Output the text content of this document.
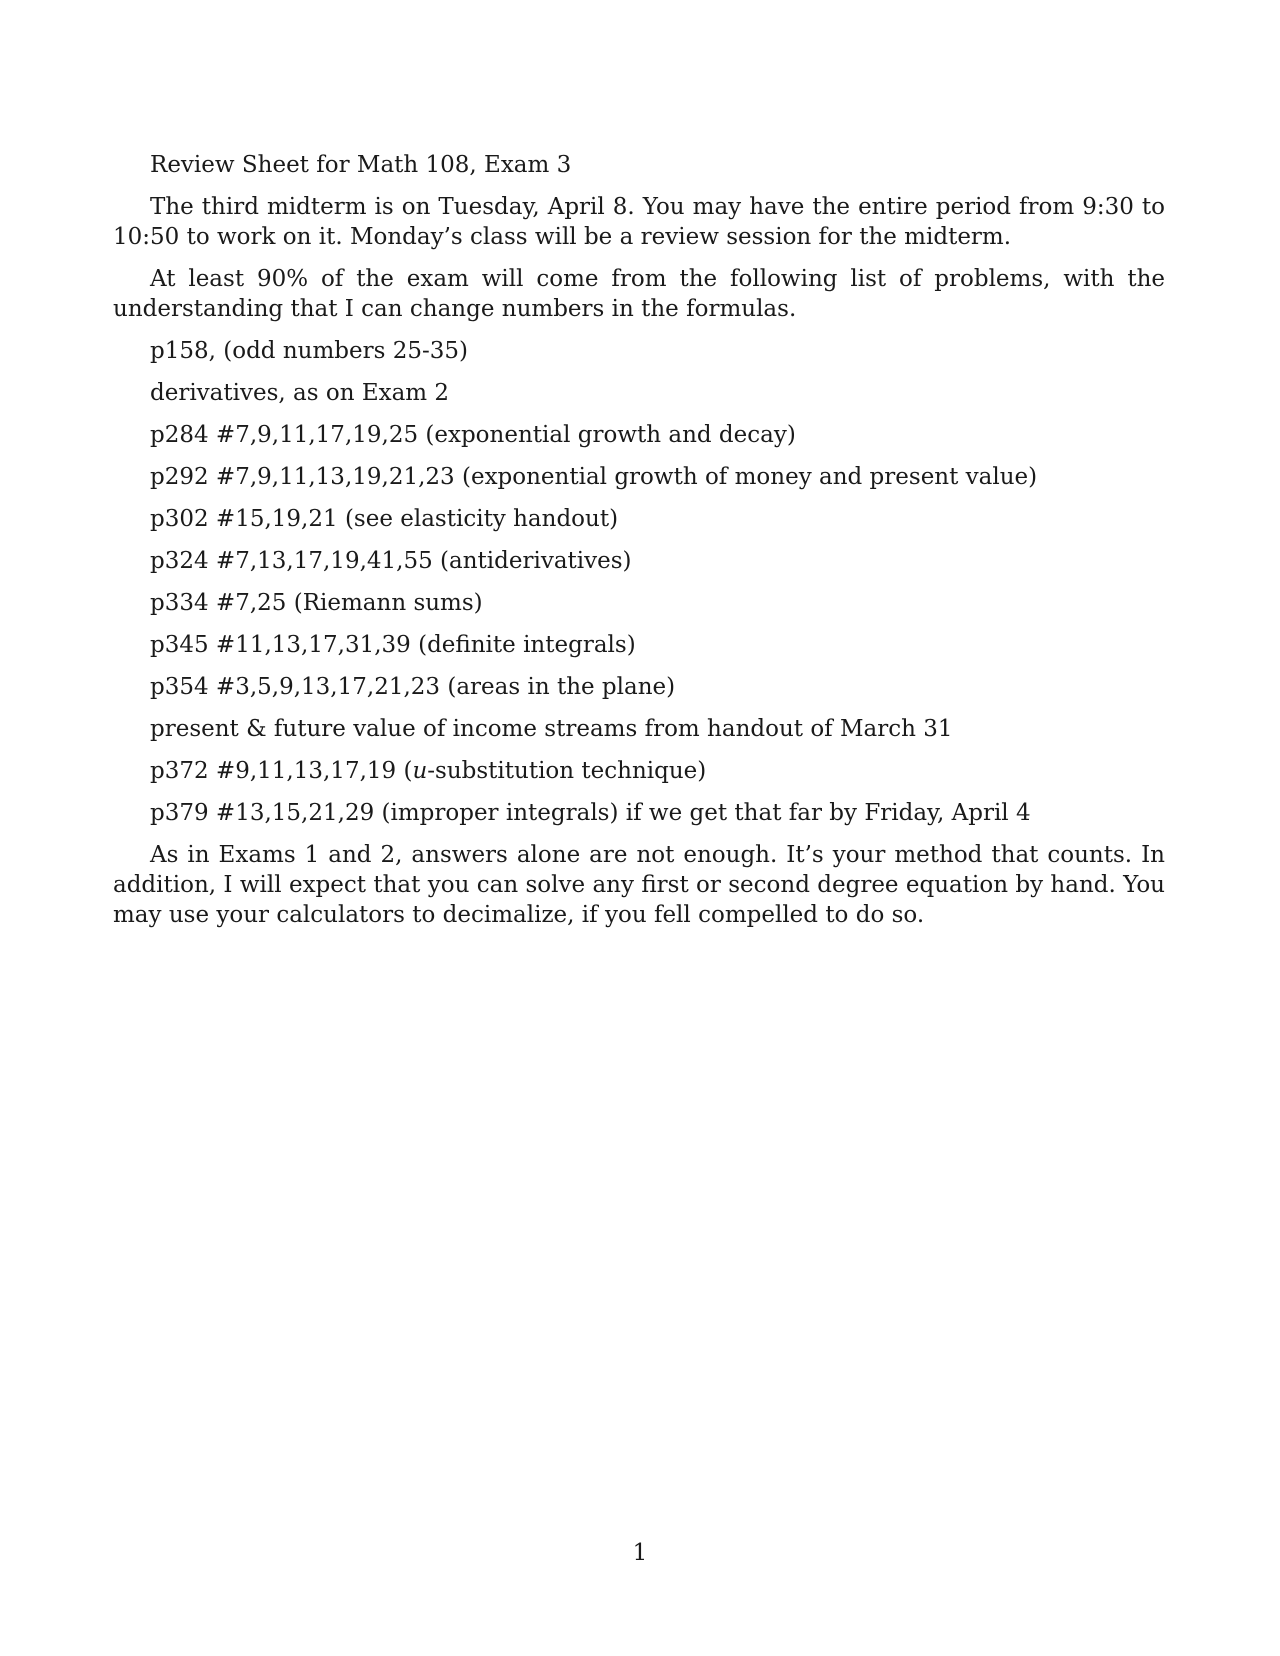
Review Sheet for Math 108, Exam 3

The third midterm is on Tuesday, April 8. You may have the entire period from 9:30 to 10:50 to work on it. Monday’s class will be a review session for the midterm.

At least 90% of the exam will come from the following list of problems, with the understanding that I can change numbers in the formulas.

p158, (odd numbers 25-35)

derivatives, as on Exam 2

p284 #7,9,11,17,19,25 (exponential growth and decay)

p292 #7,9,11,13,19,21,23 (exponential growth of money and present value)

p302 #15,19,21 (see elasticity handout)

p324 #7,13,17,19,41,55 (antiderivatives)

p334 #7,25 (Riemann sums)

p345 #11,13,17,31,39 (definite integrals)

p354 #3,5,9,13,17,21,23 (areas in the plane)

present & future value of income streams from handout of March 31

p372 #9,11,13,17,19 (u-substitution technique)

p379 #13,15,21,29 (improper integrals) if we get that far by Friday, April 4

As in Exams 1 and 2, answers alone are not enough. It’s your method that counts. In addition, I will expect that you can solve any first or second degree equation by hand. You may use your calculators to decimalize, if you fell compelled to do so.

1
